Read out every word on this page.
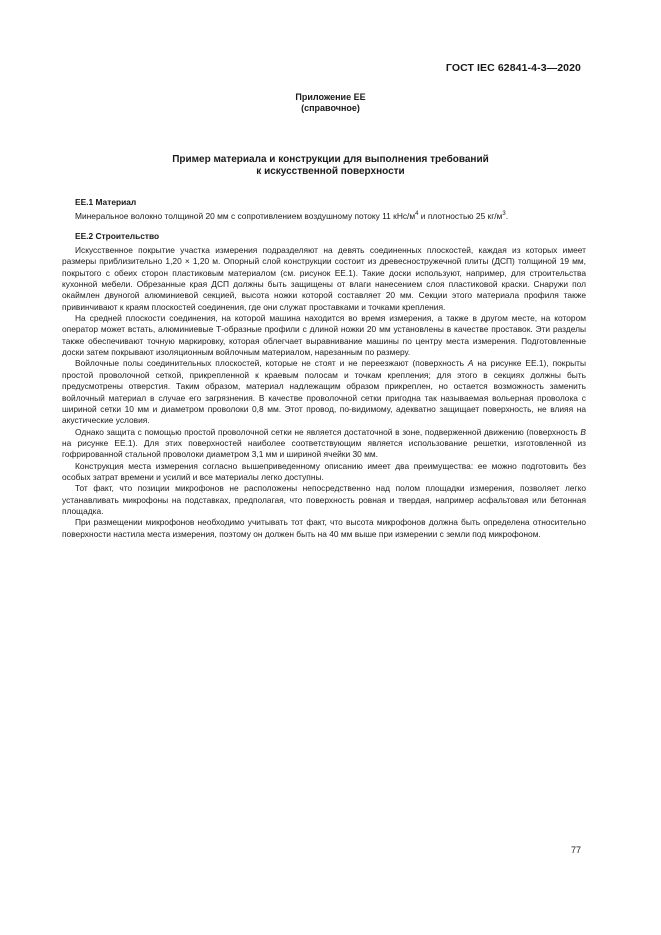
ГОСТ IEC 62841-4-3—2020
Приложение ЕЕ
(справочное)
Пример материала и конструкции для выполнения требований
к искусственной поверхности
ЕЕ.1 Материал

Минеральное волокно толщиной 20 мм с сопротивлением воздушному потоку 11 кНс/$м^4$ и плотностью 25 $кг/м^3$.

ЕЕ.2 Строительство

Искусственное покрытие участка измерения подразделяют на девять соединенных плоскостей, каждая из которых имеет размеры приблизительно 1,20 × 1,20 м. Опорный слой конструкции состоит из древесностружечной плиты (ДСП) толщиной 19 мм, покрытого с обеих сторон пластиковым материалом (см. рисунок ЕЕ.1). Такие доски используют, например, для строительства кухонной мебели. Обрезанные края ДСП должны быть защищены от влаги нанесением слоя пластиковой краски. Снаружи пол окаймлен двуногой алюминиевой секцией, высота ножки которой составляет 20 мм. Секции этого материала профиля также привинчивают к краям плоскостей соединения, где они служат проставками и точками крепления.

На средней плоскости соединения, на которой машина находится во время измерения, а также в другом месте, на котором оператор может встать, алюминиевые Т-образные профили с длиной ножки 20 мм установлены в качестве проставок. Эти разделы также обеспечивают точную маркировку, которая облегчает выравнивание машины по центру места измерения. Подготовленные доски затем покрывают изоляционным войлочным материалом, нарезанным по размеру.

Войлочные полы соединительных плоскостей, которые не стоят и не переезжают (поверхность А на рисунке ЕЕ.1), покрыты простой проволочной сеткой, прикрепленной к краевым полосам и точкам крепления; для этого в секциях должны быть предусмотрены отверстия. Таким образом, материал надлежащим образом прикреплен, но остается возможность заменить войлочный материал в случае его загрязнения. В качестве проволочной сетки пригодна так называемая вольерная проволока с шириной сетки 10 мм и диаметром проволоки 0,8 мм. Этот провод, по-видимому, адекватно защищает поверхность, не влияя на акустические условия.

Однако защита с помощью простой проволочной сетки не является достаточной в зоне, подверженной движению (поверхность В на рисунке ЕЕ.1). Для этих поверхностей наиболее соответствующим является использование решетки, изготовленной из гофрированной стальной проволоки диаметром 3,1 мм и шириной ячейки 30 мм.

Конструкция места измерения согласно вышеприведенному описанию имеет два преимущества: ее можно подготовить без особых затрат времени и усилий и все материалы легко доступны.

Тот факт, что позиции микрофонов не расположены непосредственно над полом площадки измерения, позволяет легко устанавливать микрофоны на подставках, предполагая, что поверхность ровная и твердая, например асфальтовая или бетонная площадка.

При размещении микрофонов необходимо учитывать тот факт, что высота микрофонов должна быть определена относительно поверхности настила места измерения, поэтому он должен быть на 40 мм выше при измерении с земли под микрофоном.

77
